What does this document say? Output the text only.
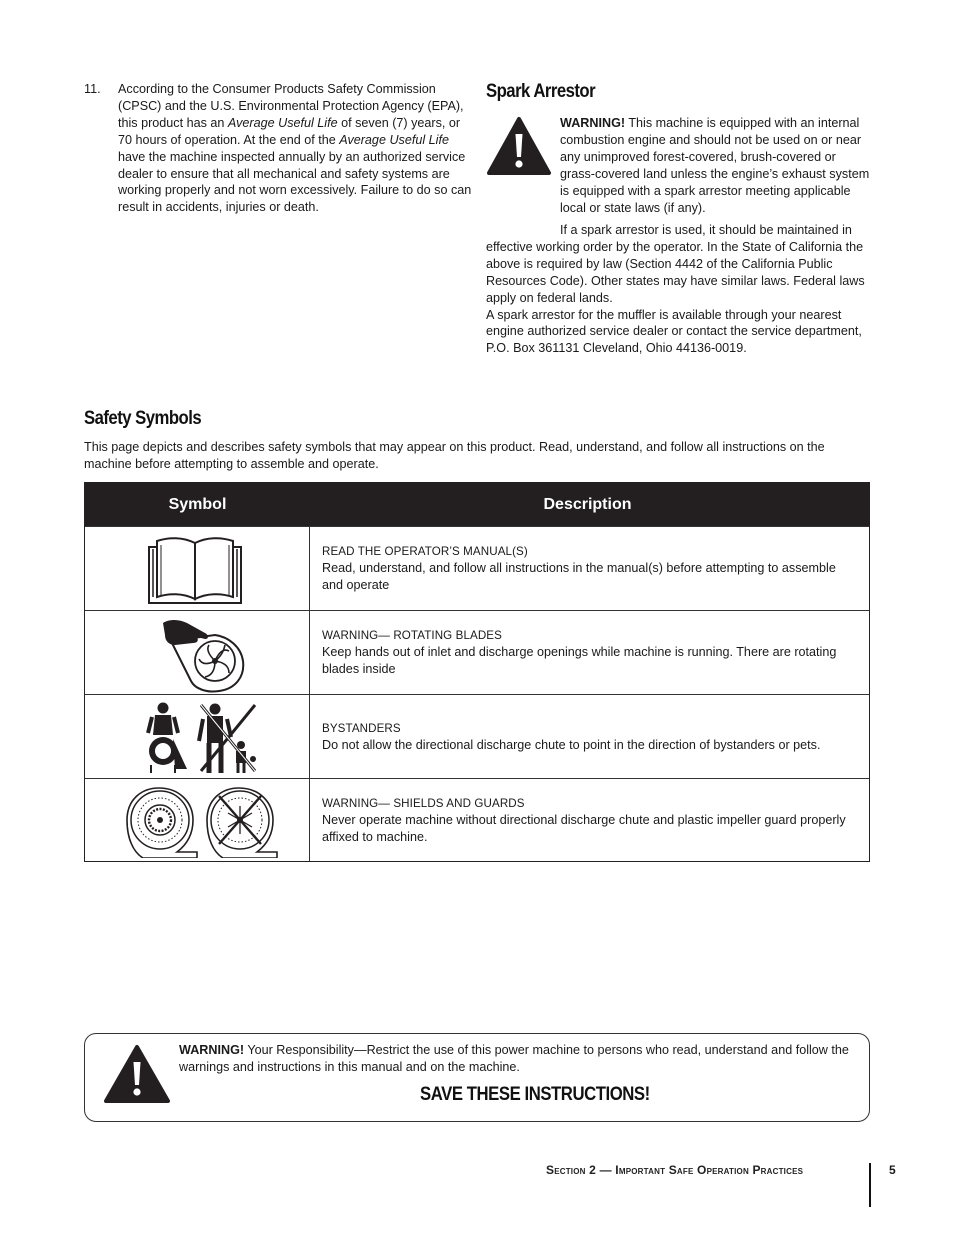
11. According to the Consumer Products Safety Commission (CPSC) and the U.S. Environmental Protection Agency (EPA), this product has an Average Useful Life of seven (7) years, or 70 hours of operation. At the end of the Average Useful Life have the machine inspected annually by an authorized service dealer to ensure that all mechanical and safety systems are working properly and not worn excessively. Failure to do so can result in accidents, injuries or death.
Spark Arrestor
WARNING! This machine is equipped with an internal combustion engine and should not be used on or near any unimproved forest-covered, brush-covered or grass-covered land unless the engine’s exhaust system is equipped with a spark arrestor meeting applicable local or state laws (if any).
If a spark arrestor is used, it should be maintained in effective working order by the operator. In the State of California the above is required by law (Section 4442 of the California Public Resources Code). Other states may have similar laws. Federal laws apply on federal lands.
A spark arrestor for the muffler is available through your nearest engine authorized service dealer or contact the service department, P.O. Box 361131 Cleveland, Ohio 44136-0019.
Safety Symbols
This page depicts and describes safety symbols that may appear on this product. Read, understand, and follow all instructions on the machine before attempting to assemble and operate.
Symbol	Description
READ THE OPERATOR’S MANUAL(S)
Read, understand, and follow all instructions in the manual(s) before attempting to assemble and operate
WARNING— ROTATING BLADES
Keep hands out of inlet and discharge openings while machine is running. There are rotating blades inside
BYSTANDERS
Do not allow the directional discharge chute to point in the direction of bystanders or pets.
WARNING— SHIELDS AND GUARDS
Never operate machine without directional discharge chute and plastic impeller guard properly affixed to machine.
WARNING! Your Responsibility—Restrict the use of this power machine to persons who read, understand and follow the warnings and instructions in this manual and on the machine.
SAVE THESE INSTRUCTIONS!
Section 2 — Important Safe Operation Practices	5
